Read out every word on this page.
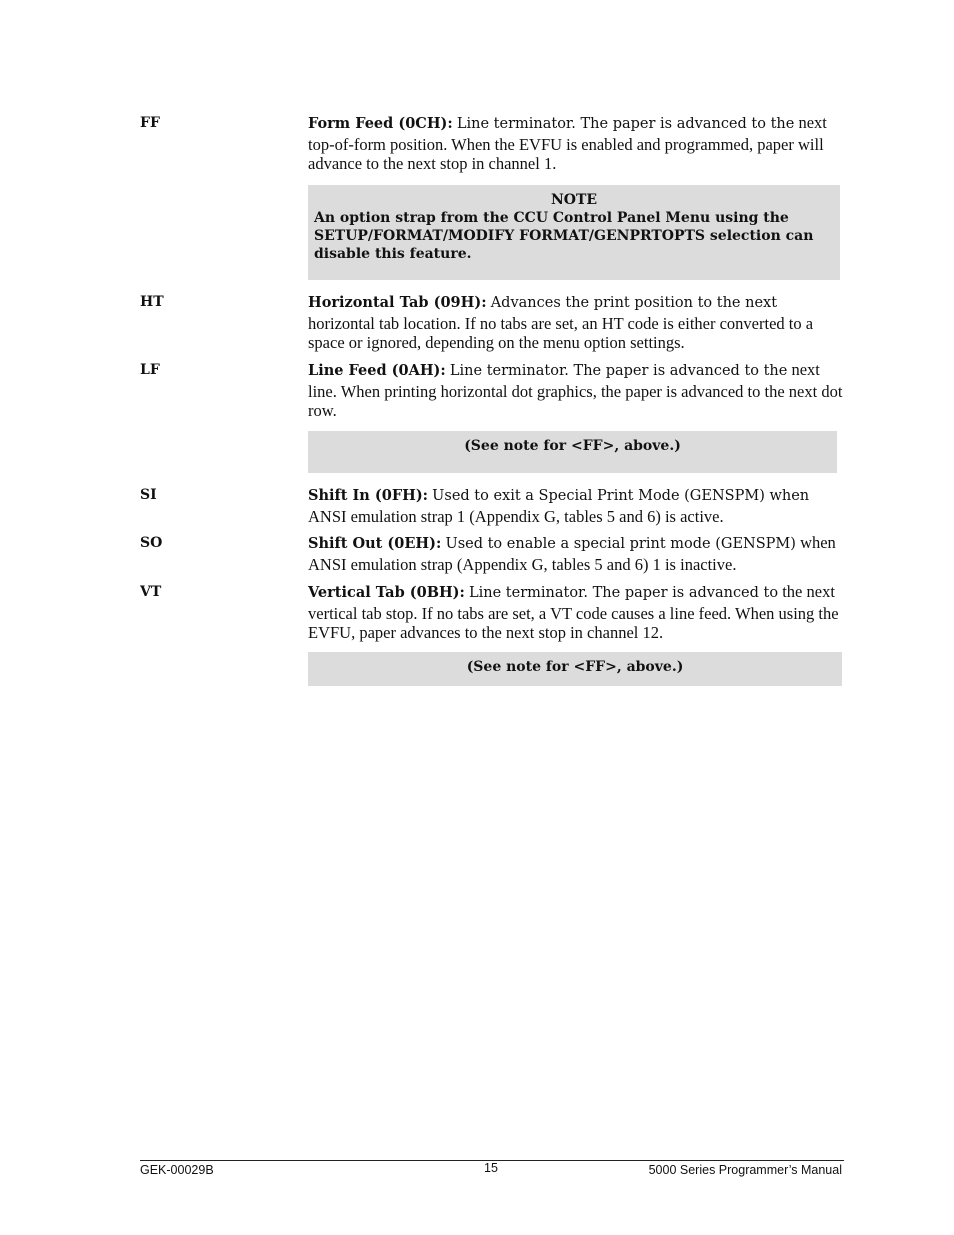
FF	Form Feed (0CH): Line terminator. The paper is advanced to the next top-of-form position. When the EVFU is enabled and programmed, paper will advance to the next stop in channel 1.
NOTE
An option strap from the CCU Control Panel Menu using the SETUP/FORMAT/MODIFY FORMAT/GENPRTOPTS selection can disable this feature.
HT	Horizontal Tab (09H): Advances the print position to the next horizontal tab location. If no tabs are set, an HT code is either converted to a space or ignored, depending on the menu option settings.
LF	Line Feed (0AH): Line terminator. The paper is advanced to the next line. When printing horizontal dot graphics, the paper is advanced to the next dot row.
(See note for <FF>, above.)
SI	Shift In (0FH): Used to exit a Special Print Mode (GENSPM) when ANSI emulation strap 1 (Appendix G, tables 5 and 6) is active.
SO	Shift Out (0EH): Used to enable a special print mode (GENSPM) when ANSI emulation strap (Appendix G, tables 5 and 6) 1 is inactive.
VT	Vertical Tab (0BH): Line terminator. The paper is advanced to the next vertical tab stop. If no tabs are set, a VT code causes a line feed. When using the EVFU, paper advances to the next stop in channel 12.
(See note for <FF>, above.)
GEK-00029B	15	5000 Series Programmer’s Manual
